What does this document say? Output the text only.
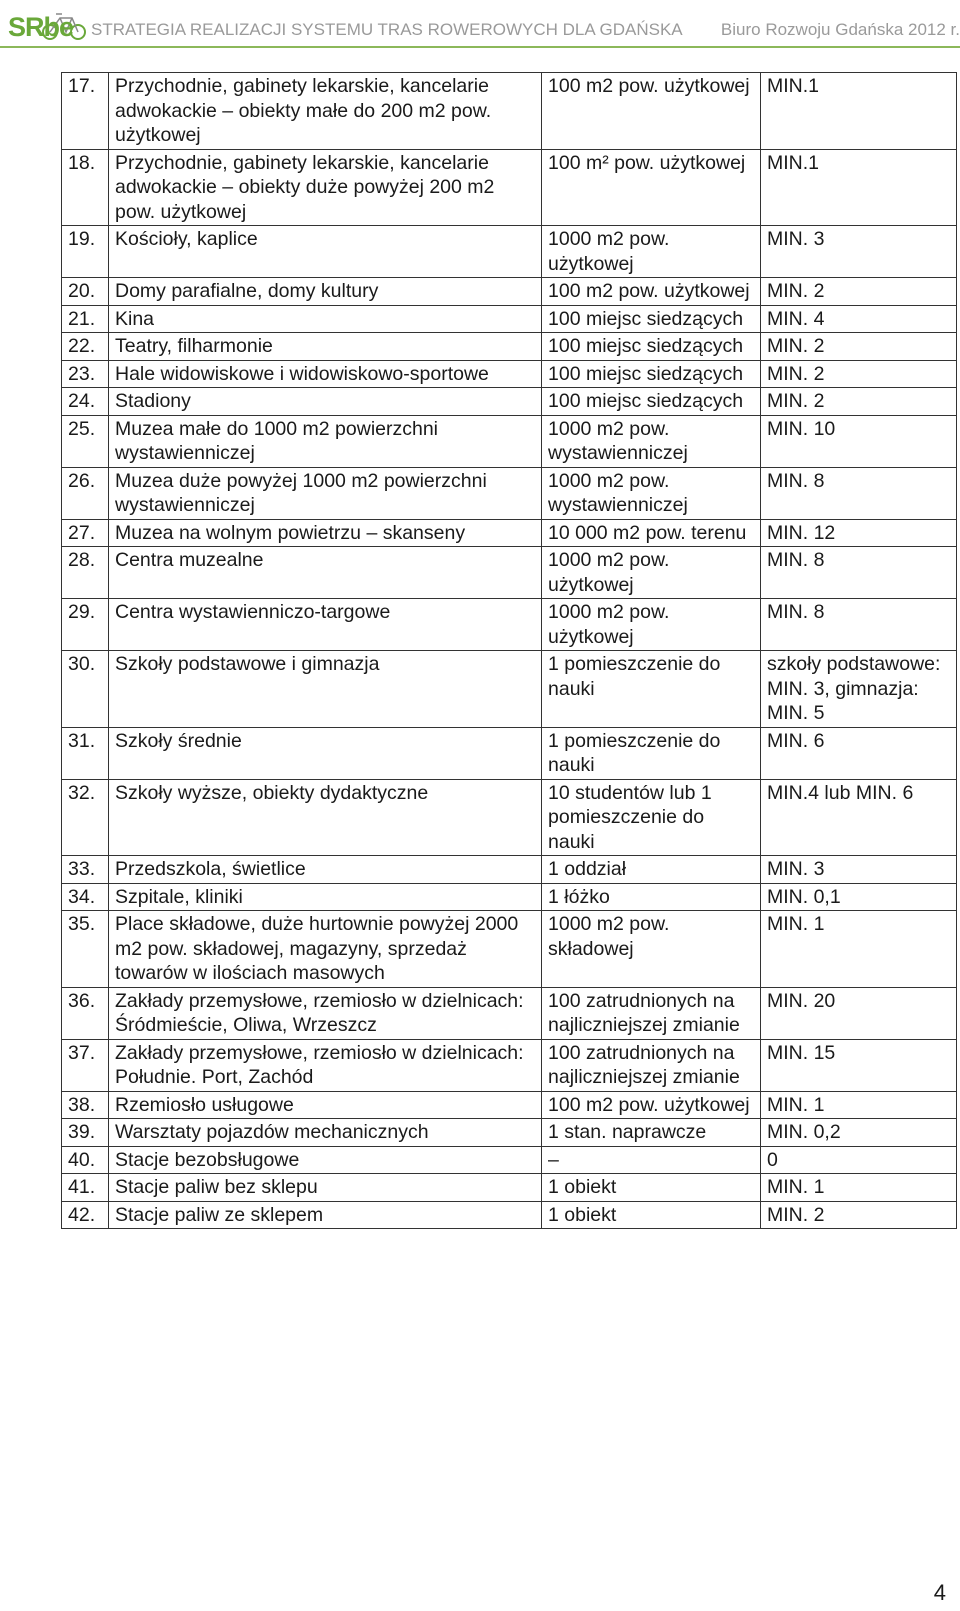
SRbe STRATEGIA REALIZACJI SYSTEMU TRAS ROWEROWYCH DLA GDAŃSKA Biuro Rozwoju Gdańska 2012 r.
17.	Przychodnie, gabinety lekarskie, kancelarie adwokackie – obiekty małe do 200 m2 pow. użytkowej	100 m2 pow. użytkowej	MIN.1
18.	Przychodnie, gabinety lekarskie, kancelarie adwokackie – obiekty duże powyżej 200 m2 pow. użytkowej	100 m² pow. użytkowej	MIN.1
19.	Kościoły, kaplice	1000 m2 pow. użytkowej	MIN. 3
20.	Domy parafialne, domy kultury	100 m2 pow. użytkowej	MIN. 2
21.	Kina	100 miejsc siedzących	MIN. 4
22.	Teatry, filharmonie	100 miejsc siedzących	MIN. 2
23.	Hale widowiskowe i widowiskowo-sportowe	100 miejsc siedzących	MIN. 2
24.	Stadiony	100 miejsc siedzących	MIN. 2
25.	Muzea małe do 1000 m2 powierzchni wystawienniczej	1000 m2 pow. wystawienniczej	MIN. 10
26.	Muzea duże powyżej 1000 m2 powierzchni wystawienniczej	1000 m2 pow. wystawienniczej	MIN. 8
27.	Muzea na wolnym powietrzu – skanseny	10 000 m2 pow. terenu	MIN. 12
28.	Centra muzealne	1000 m2 pow. użytkowej	MIN. 8
29.	Centra wystawienniczo-targowe	1000 m2 pow. użytkowej	MIN. 8
30.	Szkoły podstawowe i gimnazja	1 pomieszczenie do nauki	szkoły podstawowe: MIN. 3, gimnazja: MIN. 5
31.	Szkoły średnie	1 pomieszczenie do nauki	MIN. 6
32.	Szkoły wyższe, obiekty dydaktyczne	10 studentów lub 1 pomieszczenie do nauki	MIN.4 lub MIN. 6
33.	Przedszkola, świetlice	1 oddział	MIN. 3
34.	Szpitale, kliniki	1 łóżko	MIN. 0,1
35.	Place składowe, duże hurtownie powyżej 2000 m2 pow. składowej, magazyny, sprzedaż towarów w ilościach masowych	1000 m2 pow. składowej	MIN. 1
36.	Zakłady przemysłowe, rzemiosło w dzielnicach: Śródmieście, Oliwa, Wrzeszcz	100 zatrudnionych na najliczniejszej zmianie	MIN. 20
37.	Zakłady przemysłowe, rzemiosło w dzielnicach: Południe. Port, Zachód	100 zatrudnionych na najliczniejszej zmianie	MIN. 15
38.	Rzemiosło usługowe	100 m2 pow. użytkowej	MIN. 1
39.	Warsztaty pojazdów mechanicznych	1 stan. naprawcze	MIN. 0,2
40.	Stacje bezobsługowe	–	0
41.	Stacje paliw bez sklepu	1 obiekt	MIN. 1
42.	Stacje paliw ze sklepem	1 obiekt	MIN. 2
4
